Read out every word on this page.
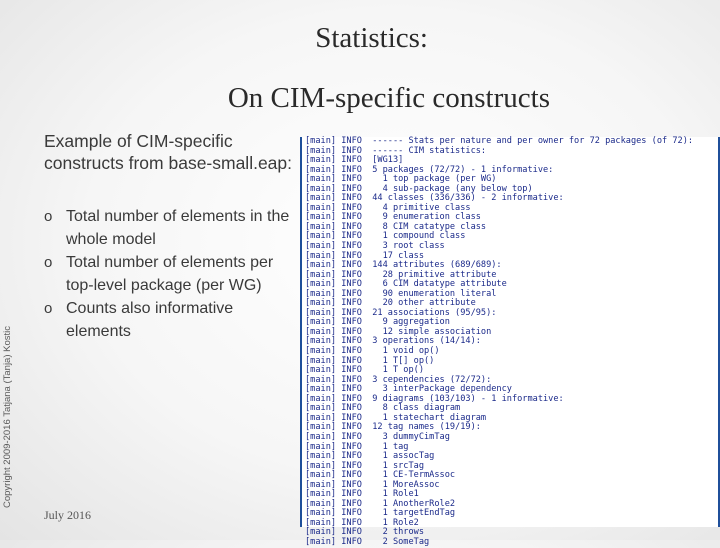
Statistics:
On CIM-specific constructs
Copyright 2009-2016 Tatjana (Tanja) Kostic
Example of CIM-specific constructs from base-small.eap:
o Total number of elements in the whole model
o Total number of elements per top-level package (per WG)
o Counts also informative elements
July 2016
[main] INFO  ------ Stats per nature and per owner for 72 packages (of 72):
[main] INFO  ------ CIM statistics:
[main] INFO  [WG13]
[main] INFO  5 packages (72/72) - 1 informative:
[main] INFO    1 top package (per WG)
[main] INFO    4 sub-package (any below top)
[main] INFO  44 classes (336/336) - 2 informative:
[main] INFO    4 primitive class
[main] INFO    9 enumeration class
[main] INFO    8 CIM catatype class
[main] INFO    1 compound class
[main] INFO    3 root class
[main] INFO    17 class
[main] INFO  144 attributes (689/689):
[main] INFO    28 primitive attribute
[main] INFO    6 CIM datatype attribute
[main] INFO    90 enumeration literal
[main] INFO    20 other attribute
[main] INFO  21 associations (95/95):
[main] INFO    9 aggregation
[main] INFO    12 simple association
[main] INFO  3 operations (14/14):
[main] INFO    1 void op()
[main] INFO    1 T[] op()
[main] INFO    1 T op()
[main] INFO  3 cependencies (72/72):
[main] INFO    3 interPackage dependency
[main] INFO  9 diagrams (103/103) - 1 informative:
[main] INFO    8 class diagram
[main] INFO    1 statechart diagram
[main] INFO  12 tag names (19/19):
[main] INFO    3 dummyCimTag
[main] INFO    1 tag
[main] INFO    1 assocTag
[main] INFO    1 srcTag
[main] INFO    1 CE-TermAssoc
[main] INFO    1 MoreAssoc
[main] INFO    1 Role1
[main] INFO    1 AnotherRole2
[main] INFO    1 targetEndTag
[main] INFO    1 Role2
[main] INFO    2 throws
[main] INFO    2 SomeTag
